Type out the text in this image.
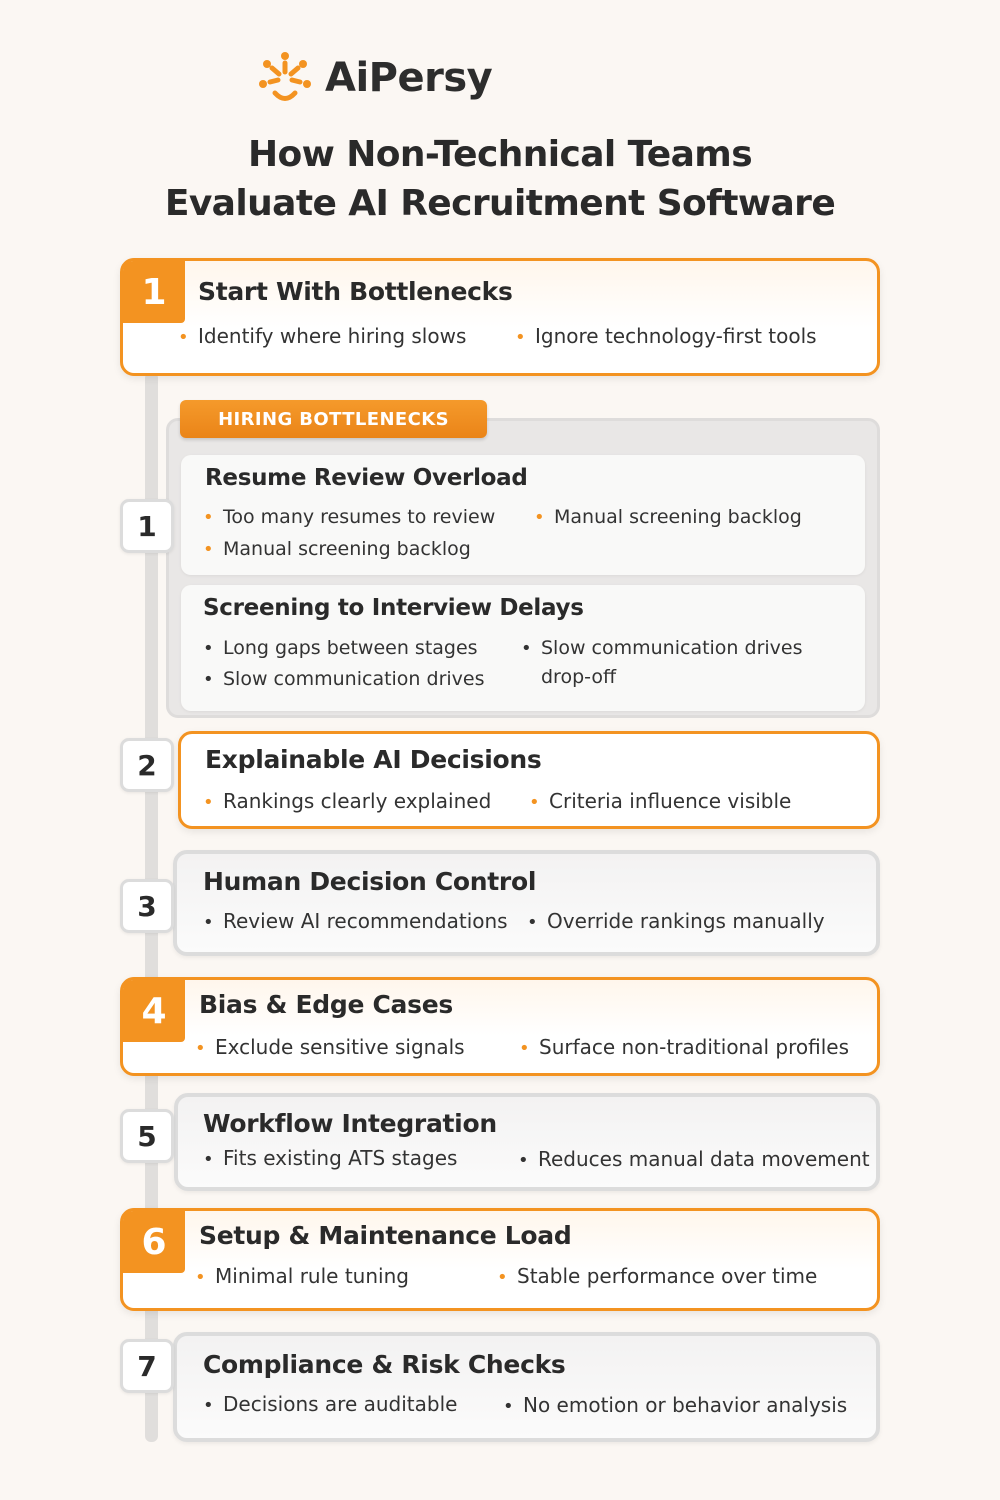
AiPersy
How Non-Technical Teams
Evaluate AI Recruitment Software
1	Start With Bottlenecks
• Identify where hiring slows	• Ignore technology-first tools
Resume Review Overload
• Too many resumes to review • Manual screening backlog
• Manual screening backlog
Screening to Interview Delays
• Long gaps between stages
• Slow communication drives
• Slow communication drives
drop-off
HIRING BOTTLENECKS
1
Explainable AI Decisions
• Rankings clearly explained • Criteria influence visible
2
Human Decision Control
• Review AI recommendations • Override rankings manually
3
4	Bias & Edge Cases
• Exclude sensitive signals	• Surface non-traditional profiles
Workflow Integration
• Fits existing ATS stages	• Reduces manual data movement
5
6	Setup & Maintenance Load
• Minimal rule tuning	• Stable performance over time
Compliance & Risk Checks
• Decisions are auditable	• No emotion or behavior analysis
7
